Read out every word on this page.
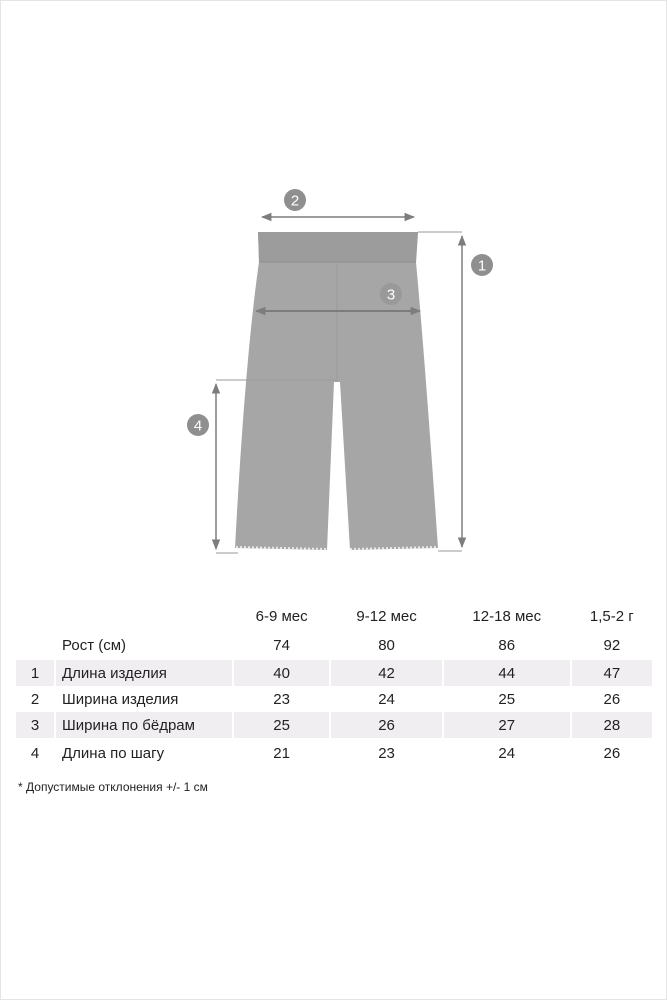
1
2
3
4
		6-9 мес	9-12 мес	12-18 мес	1,5-2 г
	Рост (см)	74	80	86	92

1	Длина изделия	40	42	44	47
2	Ширина изделия	23	24	25	26
3	Ширина по бёдрам	25	26	27	28

4	Длина по шагу	21	23	24	26
* Допустимые отклонения +/- 1 см
